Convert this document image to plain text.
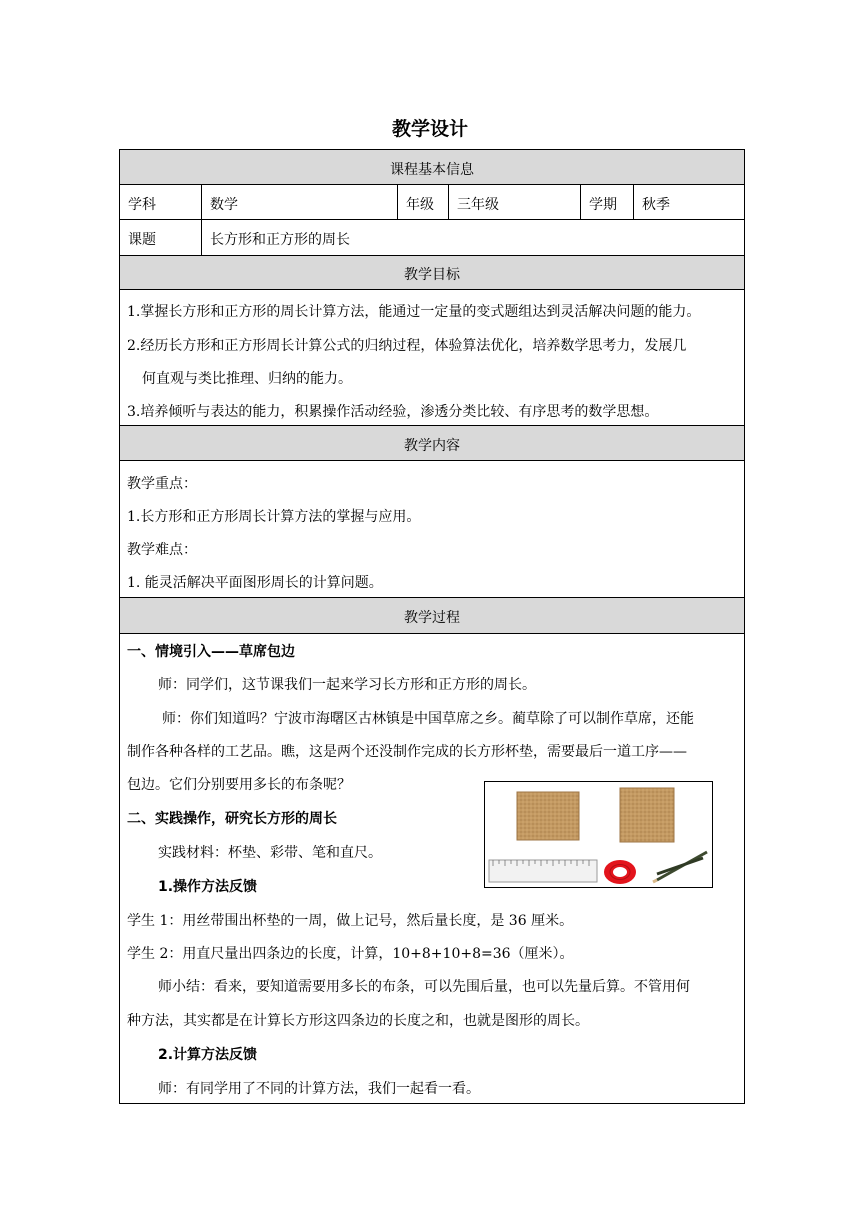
教学设计
课程基本信息
学科	数学	年级 三年级	学期 秋季
课题	长方形和正方形的周长
教学目标
1.掌握长方形和正方形的周长计算方法，能通过一定量的变式题组达到灵活解决问题的能力。
2.经历长方形和正方形周长计算公式的归纳过程，体验算法优化，培养数学思考力，发展几
何直观与类比推理、归纳的能力。
3.培养倾听与表达的能力，积累操作活动经验，渗透分类比较、有序思考的数学思想。
教学内容
教学重点：
1.长方形和正方形周长计算方法的掌握与应用。
教学难点：
1. 能灵活解决平面图形周长的计算问题。
教学过程
一、情境引入——草席包边
师：同学们，这节课我们一起来学习长方形和正方形的周长。
师：你们知道吗？宁波市海曙区古林镇是中国草席之乡。蔺草除了可以制作草席，还能
制作各种各样的工艺品。瞧，这是两个还没制作完成的长方形杯垫，需要最后一道工序——
包边。它们分别要用多长的布条呢？
二、实践操作，研究长方形的周长
实践材料：杯垫、彩带、笔和直尺。
1.操作方法反馈
学生 1：用丝带围出杯垫的一周，做上记号，然后量长度，是 36 厘米。
学生 2：用直尺量出四条边的长度，计算，10+8+10+8=36（厘米）。
师小结：看来，要知道需要用多长的布条，可以先围后量，也可以先量后算。不管用何
种方法，其实都是在计算长方形这四条边的长度之和，也就是图形的周长。
2.计算方法反馈
师：有同学用了不同的计算方法，我们一起看一看。
